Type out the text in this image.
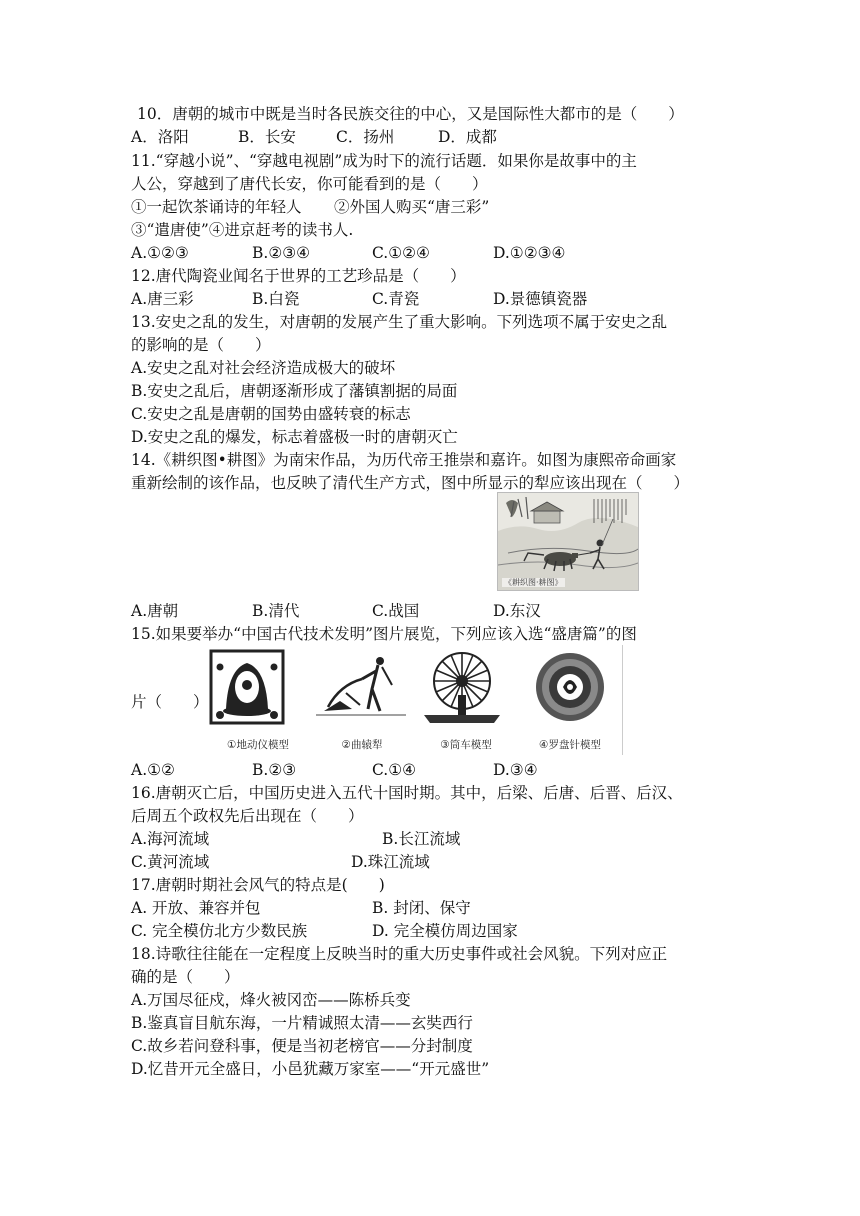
10．唐朝的城市中既是当时各民族交往的中心，又是国际性大都市的是（　　）
A．洛阳	B．长安	C．扬州	D．成都
11.“穿越小说”、“穿越电视剧”成为时下的流行话题．如果你是故事中的主
人公，穿越到了唐代长安，你可能看到的是（　　）
①一起饮茶诵诗的年轻人 ②外国人购买“唐三彩”
③“遣唐使”④进京赶考的读书人.
A.①②③	B.②③④	C.①②④	D.①②③④
12.唐代陶瓷业闻名于世界的工艺珍品是（　　）
A.唐三彩	B.白瓷	C.青瓷	D.景德镇瓷器
13.安史之乱的发生，对唐朝的发展产生了重大影响。下列选项不属于安史之乱
的影响的是（　　）
A.安史之乱对社会经济造成极大的破坏
B.安史之乱后，唐朝逐渐形成了藩镇割据的局面
C.安史之乱是唐朝的国势由盛转衰的标志
D.安史之乱的爆发，标志着盛极一时的唐朝灭亡
14.《耕织图•耕图》为南宋作品，为历代帝王推崇和嘉许。如图为康熙帝命画家
重新绘制的该作品，也反映了清代生产方式，图中所显示的犁应该出现在（　　）
《耕织图·耕图》
A.唐朝	B.清代	C.战国	D.东汉
15.如果要举办“中国古代技术发明”图片展览，下列应该入选“盛唐篇”的图
片（　　）
①地动仪模型	②曲辕犁	③筒车模型	④罗盘针模型
A.①②	B.②③	C.①④	D.③④
16.唐朝灭亡后，中国历史进入五代十国时期。其中，后梁、后唐、后晋、后汉、
后周五个政权先后出现在（　　）
A.海河流域	B.长江流域
C.黄河流域	D.珠江流域
17.唐朝时期社会风气的特点是(　　)
A. 开放、兼容并包	B. 封闭、保守
C. 完全模仿北方少数民族	D. 完全模仿周边国家
18.诗歌往往能在一定程度上反映当时的重大历史事件或社会风貌。下列对应正
确的是（　　）
A.万国尽征戍，烽火被冈峦——陈桥兵变
B.鉴真盲目航东海，一片精诚照太清——玄奘西行
C.故乡若问登科事，便是当初老榜官——分封制度
D.忆昔开元全盛日，小邑犹藏万家室——“开元盛世”
